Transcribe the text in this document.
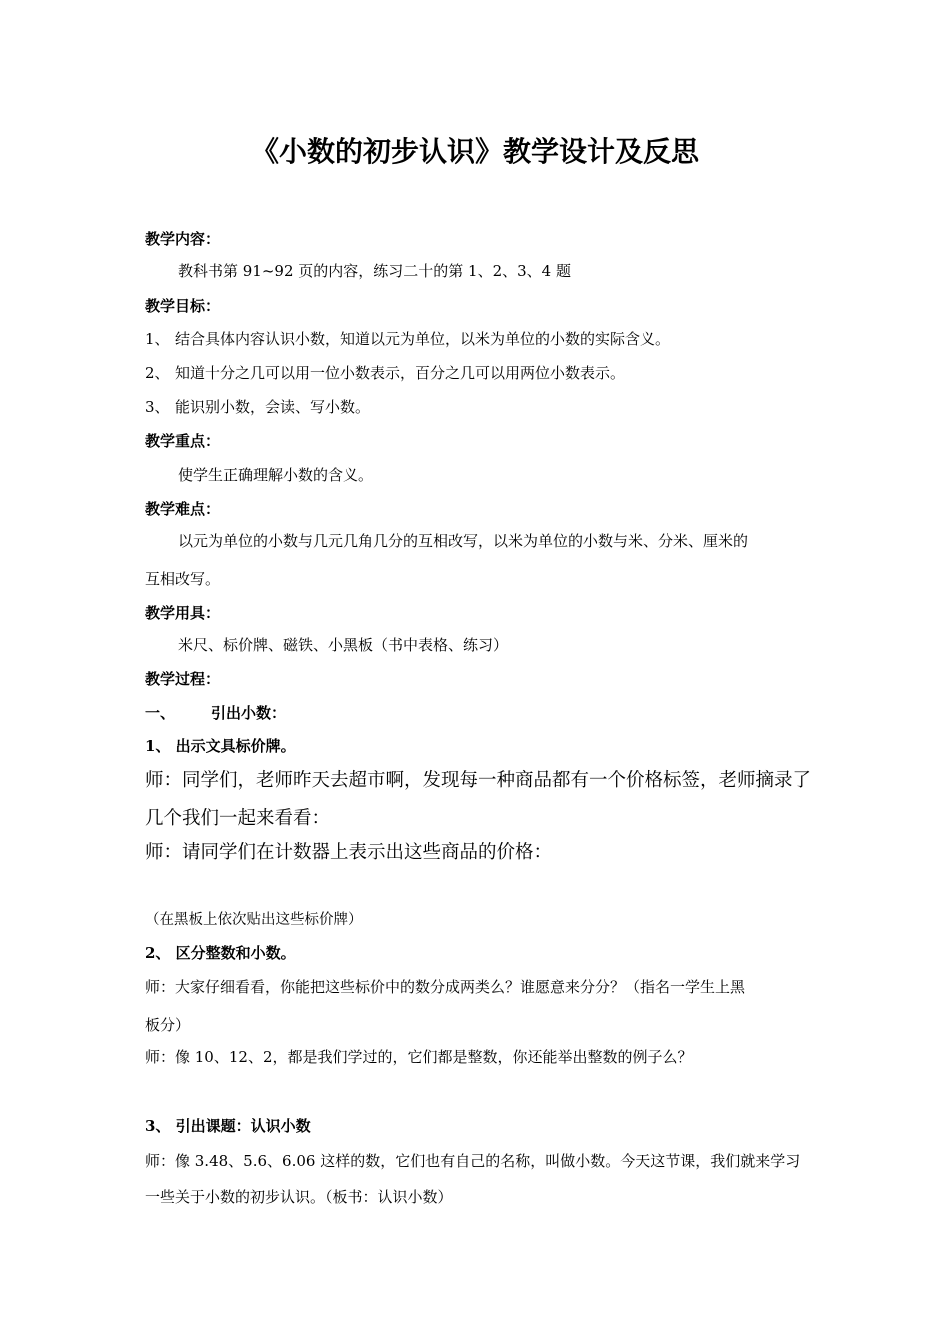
《小数的初步认识》教学设计及反思
教学内容：
教科书第 91~92 页的内容，练习二十的第 1、2、3、4 题
教学目标：
1、 结合具体内容认识小数，知道以元为单位，以米为单位的小数的实际含义。
2、 知道十分之几可以用一位小数表示，百分之几可以用两位小数表示。
3、 能识别小数，会读、写小数。
教学重点：
使学生正确理解小数的含义。
教学难点：
以元为单位的小数与几元几角几分的互相改写，以米为单位的小数与米、分米、厘米的
互相改写。
教学用具：
米尺、标价牌、磁铁、小黑板（书中表格、练习）
教学过程：
一、 引出小数：
1、 出示文具标价牌。
师：同学们，老师昨天去超市啊，发现每一种商品都有一个价格标签，老师摘录了
几个我们一起来看看：
师：请同学们在计数器上表示出这些商品的价格：
（在黑板上依次贴出这些标价牌）
2、 区分整数和小数。
师：大家仔细看看，你能把这些标价中的数分成两类么？谁愿意来分分？（指名一学生上黑
板分）
师：像 10、12、2，都是我们学过的，它们都是整数，你还能举出整数的例子么？
3、 引出课题：认识小数
师：像 3.48、5.6、6.06 这样的数，它们也有自己的名称，叫做小数。今天这节课，我们就来学习
一些关于小数的初步认识。（板书：认识小数）
